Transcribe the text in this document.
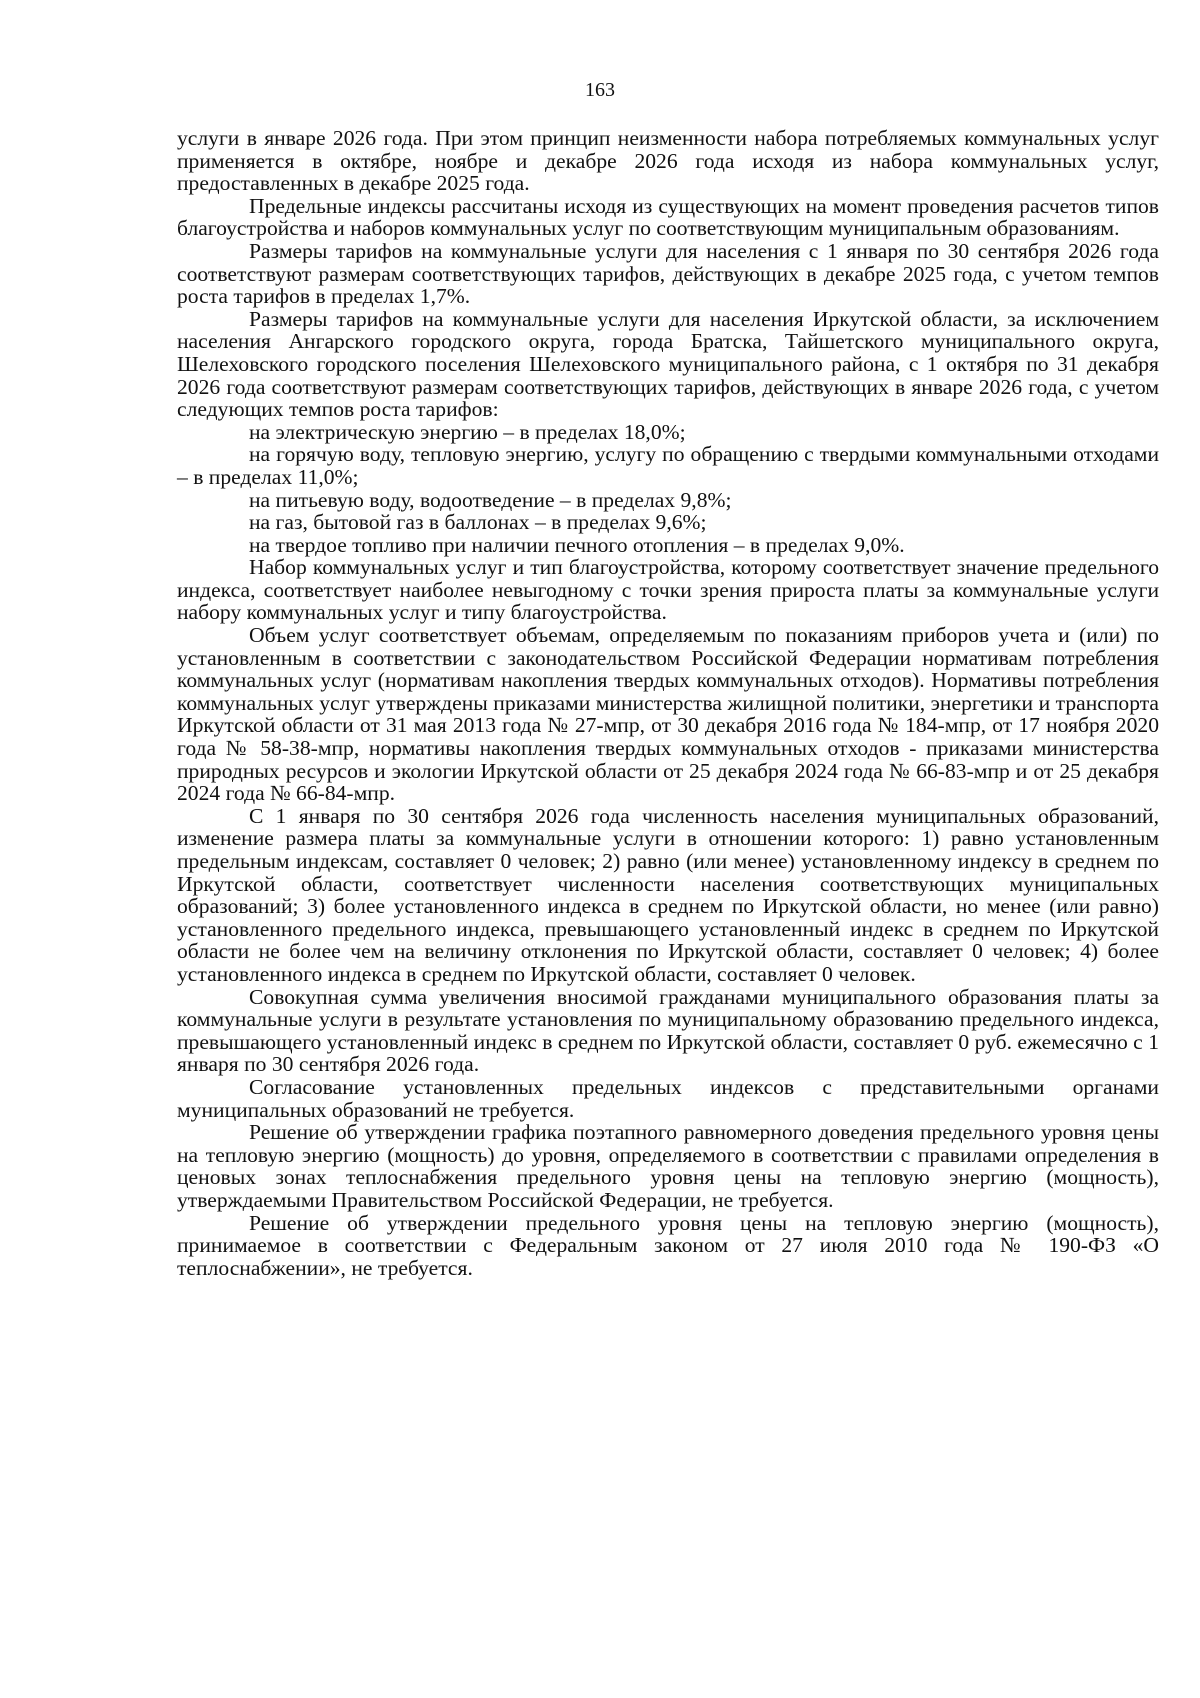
163

услуги в январе 2026 года. При этом принцип неизменности набора потребляемых коммунальных услуг применяется в октябре, ноябре и декабре 2026 года исходя из набора коммунальных услуг, предоставленных в декабре 2025 года.

Предельные индексы рассчитаны исходя из существующих на момент проведения расчетов типов благоустройства и наборов коммунальных услуг по соответствующим муниципальным образованиям.

Размеры тарифов на коммунальные услуги для населения с 1 января по 30 сентября 2026 года соответствуют размерам соответствующих тарифов, действующих в декабре 2025 года, с учетом темпов роста тарифов в пределах 1,7%.

Размеры тарифов на коммунальные услуги для населения Иркутской области, за исключением населения Ангарского городского округа, города Братска, Тайшетского муниципального округа, Шелеховского городского поселения Шелеховского муниципального района, с 1 октября по 31 декабря 2026 года соответствуют размерам соответствующих тарифов, действующих в январе 2026 года, с учетом следующих темпов роста тарифов:

на электрическую энергию – в пределах 18,0%;

на горячую воду, тепловую энергию, услугу по обращению с твердыми коммунальными отходами – в пределах 11,0%;

на питьевую воду, водоотведение – в пределах 9,8%;

на газ, бытовой газ в баллонах – в пределах 9,6%;

на твердое топливо при наличии печного отопления – в пределах 9,0%.

Набор коммунальных услуг и тип благоустройства, которому соответствует значение предельного индекса, соответствует наиболее невыгодному с точки зрения прироста платы за коммунальные услуги набору коммунальных услуг и типу благоустройства.

Объем услуг соответствует объемам, определяемым по показаниям приборов учета и (или) по установленным в соответствии с законодательством Российской Федерации нормативам потребления коммунальных услуг (нормативам накопления твердых коммунальных отходов). Нормативы потребления коммунальных услуг утверждены приказами министерства жилищной политики, энергетики и транспорта Иркутской области от 31 мая 2013 года № 27-мпр, от 30 декабря 2016 года № 184-мпр, от 17 ноября 2020 года № 58-38-мпр, нормативы накопления твердых коммунальных отходов - приказами министерства природных ресурсов и экологии Иркутской области от 25 декабря 2024 года № 66-83-мпр и от 25 декабря 2024 года № 66-84-мпр.

С 1 января по 30 сентября 2026 года численность населения муниципальных образований, изменение размера платы за коммунальные услуги в отношении которого: 1) равно установленным предельным индексам, составляет 0 человек; 2) равно (или менее) установленному индексу в среднем по Иркутской области, соответствует численности населения соответствующих муниципальных образований; 3) более установленного индекса в среднем по Иркутской области, но менее (или равно) установленного предельного индекса, превышающего установленный индекс в среднем по Иркутской области не более чем на величину отклонения по Иркутской области, составляет 0 человек; 4) более установленного индекса в среднем по Иркутской области, составляет 0 человек.

Совокупная сумма увеличения вносимой гражданами муниципального образования платы за коммунальные услуги в результате установления по муниципальному образованию предельного индекса, превышающего установленный индекс в среднем по Иркутской области, составляет 0 руб. ежемесячно с 1 января по 30 сентября 2026 года.

Согласование установленных предельных индексов с представительными органами муниципальных образований не требуется.

Решение об утверждении графика поэтапного равномерного доведения предельного уровня цены на тепловую энергию (мощность) до уровня, определяемого в соответствии с правилами определения в ценовых зонах теплоснабжения предельного уровня цены на тепловую энергию (мощность), утверждаемыми Правительством Российской Федерации, не требуется.

Решение об утверждении предельного уровня цены на тепловую энергию (мощность), принимаемое в соответствии с Федеральным законом от 27 июля 2010 года № 190-ФЗ «О теплоснабжении», не требуется.
